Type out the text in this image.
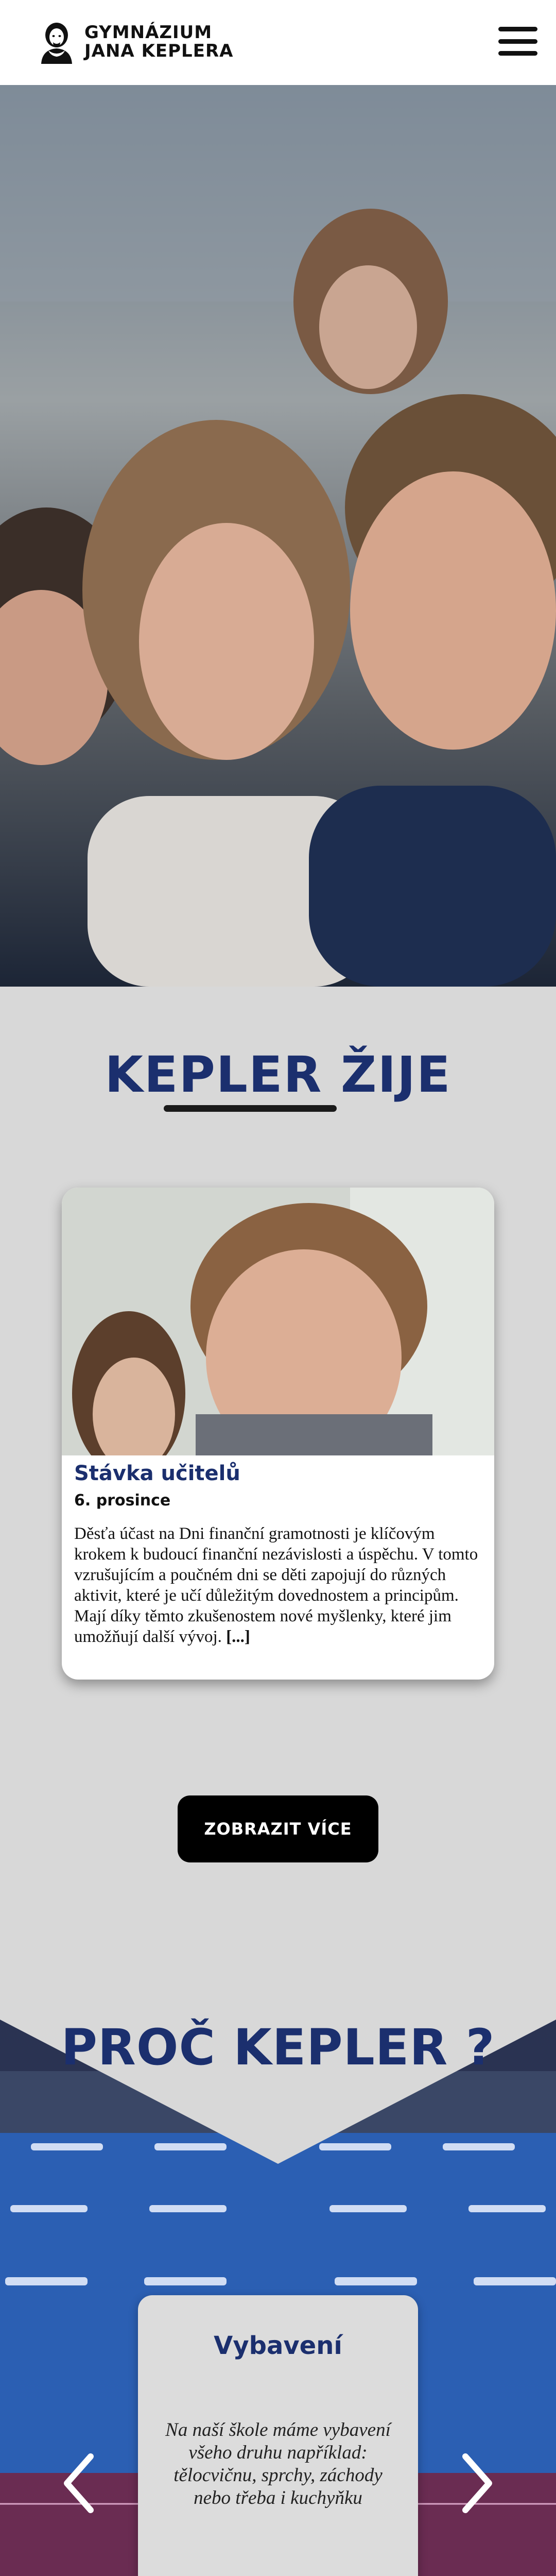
GYMNÁZIUM
JANA KEPLERA
KEPLER ŽIJE
Stávka učitelů
6. prosince
Děsťa účast na Dni finanční gramotnosti je klíčovým krokem k budoucí finanční nezávislosti a úspěchu. V tomto vzrušujícím a poučném dni se děti zapojují do různých aktivit, které je učí důležitým dovednostem a principům. Mají díky těmto zkušenostem nové myšlenky, které jim umožňují další vývoj. [...]
ZOBRAZIT VÍCE
PROČ KEPLER ?
Vybavení
Na naší škole máme vybavení všeho druhu například: tělocvičnu, sprchy, záchody nebo třeba i kuchyňku
